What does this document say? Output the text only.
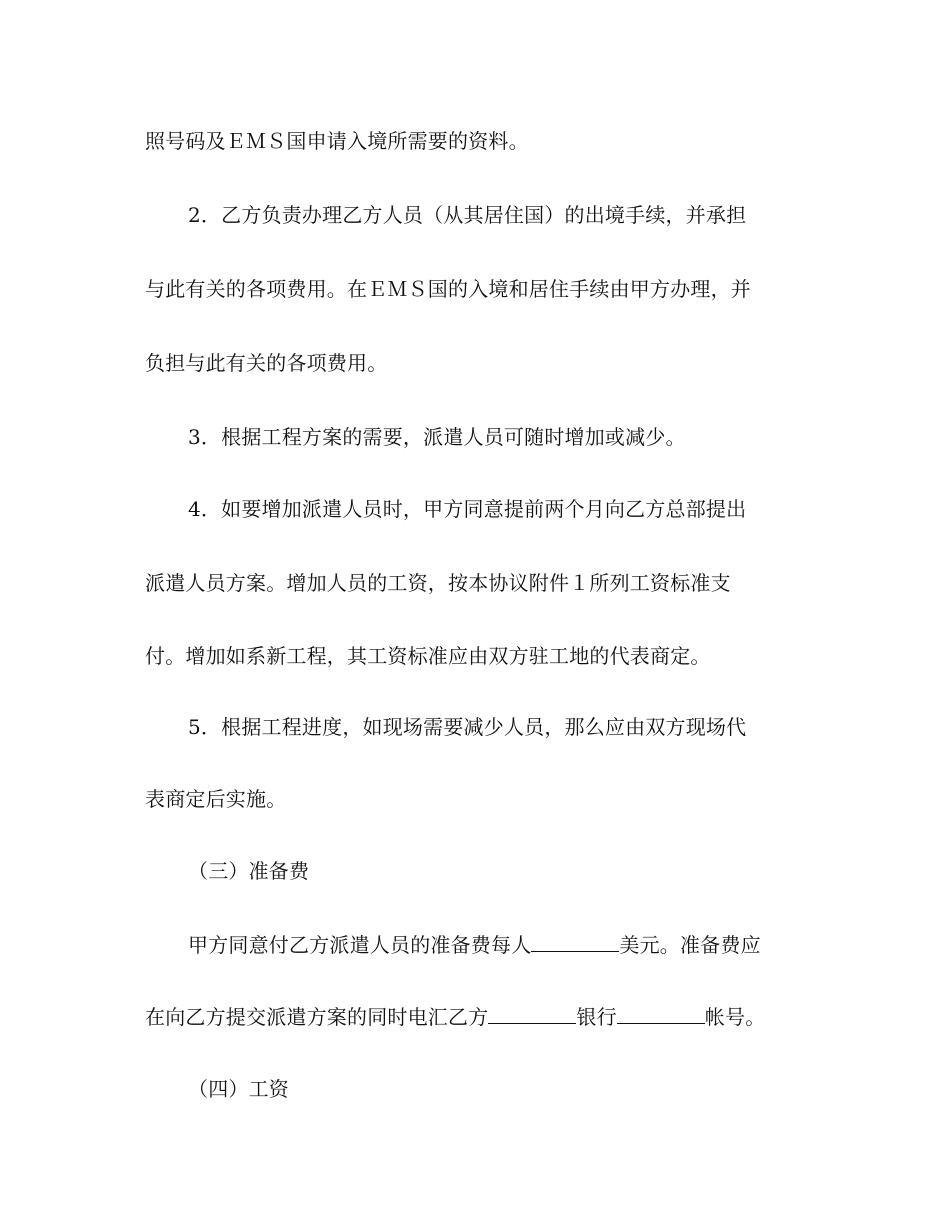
照号码及ＥＭＳ国申请入境所需要的资料。
2．乙方负责办理乙方人员（从其居住国）的出境手续，并承担
与此有关的各项费用。在ＥＭＳ国的入境和居住手续由甲方办理，并
负担与此有关的各项费用。
3．根据工程方案的需要，派遣人员可随时增加或减少。
4．如要增加派遣人员时，甲方同意提前两个月向乙方总部提出
派遣人员方案。增加人员的工资，按本协议附件１所列工资标准支
付。增加如系新工程，其工资标准应由双方驻工地的代表商定。
5．根据工程进度，如现场需要减少人员，那么应由双方现场代
表商定后实施。
（三）准备费
甲方同意付乙方派遣人员的准备费每人	美元。准备费应
在向乙方提交派遣方案的同时电汇乙方	银行	帐号。
（四）工资
